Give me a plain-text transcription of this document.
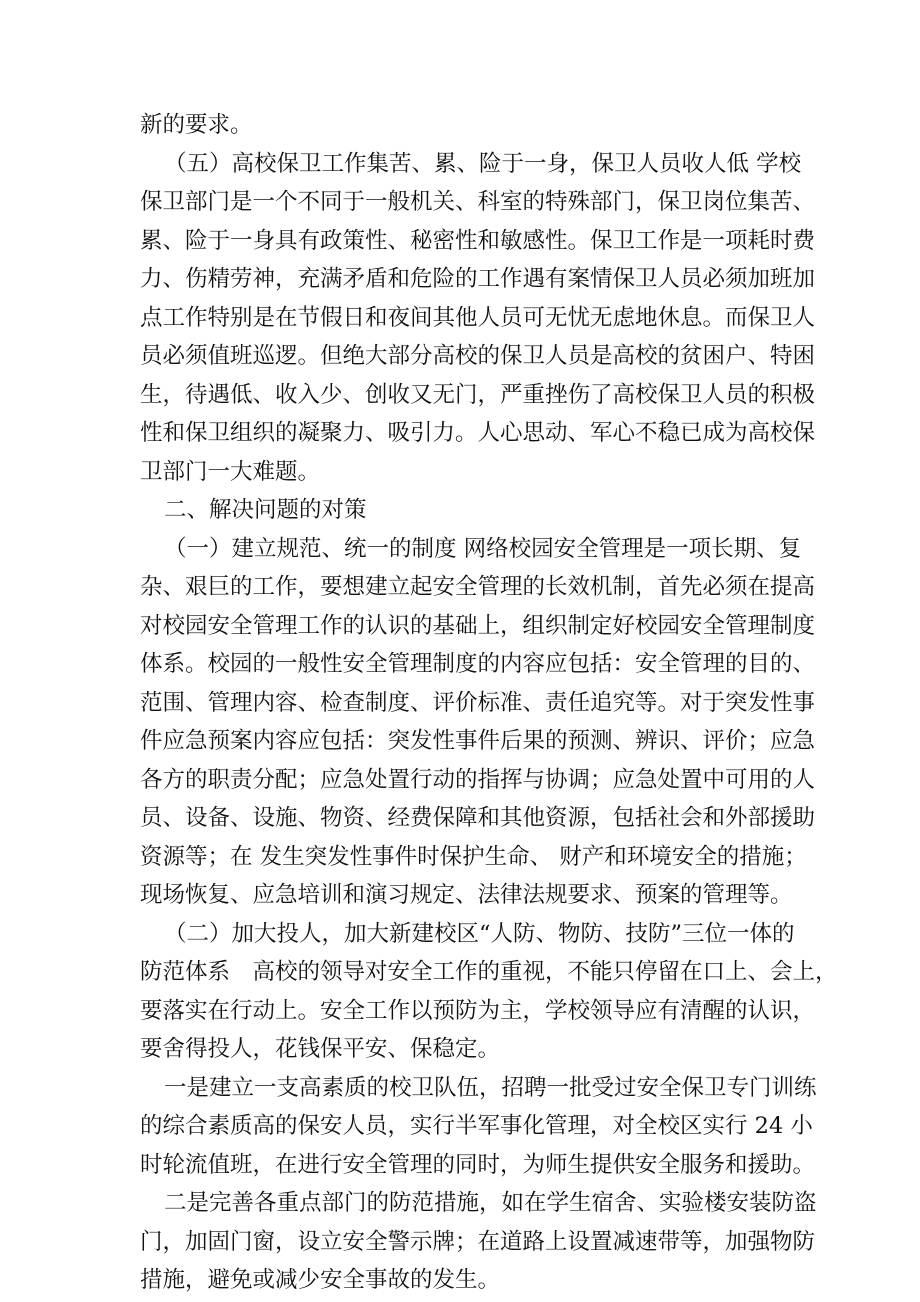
新的要求。
（五）高校保卫工作集苦、累、险于一身，保卫人员收人低 学校
保卫部门是一个不同于一般机关、科室的特殊部门，保卫岗位集苦、
累、险于一身具有政策性、秘密性和敏感性。保卫工作是一项耗时费
力、伤精劳神，充满矛盾和危险的工作遇有案情保卫人员必须加班加
点工作特别是在节假日和夜间其他人员可无忧无虑地休息。而保卫人
员必须值班巡逻。但绝大部分高校的保卫人员是高校的贫困户、特困
生，待遇低、收入少、创收又无门，严重挫伤了高校保卫人员的积极
性和保卫组织的凝聚力、吸引力。人心思动、军心不稳已成为高校保
卫部门一大难题。
二、解决问题的对策
（一）建立规范、统一的制度 网络校园安全管理是一项长期、复
杂、艰巨的工作，要想建立起安全管理的长效机制，首先必须在提高
对校园安全管理工作的认识的基础上，组织制定好校园安全管理制度
体系。校园的一般性安全管理制度的内容应包括：安全管理的目的、
范围、管理内容、检查制度、评价标准、责任追究等。对于突发性事
件应急预案内容应包括：突发性事件后果的预测、辨识、评价；应急
各方的职责分配；应急处置行动的指挥与协调；应急处置中可用的人
员、设备、设施、物资、经费保障和其他资源，包括社会和外部援助
资源等；在 发生突发性事件时保护生命、 财产和环境安全的措施；
现场恢复、应急培训和演习规定、法律法规要求、预案的管理等。
（二）加大投人，加大新建校区“人防、物防、技防”三位一体的
防范体系　高校的领导对安全工作的重视，不能只停留在口上、会上，
要落实在行动上。安全工作以预防为主，学校领导应有清醒的认识，
要舍得投人，花钱保平安、保稳定。
一是建立一支高素质的校卫队伍，招聘一批受过安全保卫专门训练
的综合素质高的保安人员，实行半军事化管理，对全校区实行 24 小
时轮流值班，在进行安全管理的同时，为师生提供安全服务和援助。
二是完善各重点部门的防范措施，如在学生宿舍、实验楼安装防盗
门，加固门窗，设立安全警示牌；在道路上设置减速带等，加强物防
措施，避免或减少安全事故的发生。
